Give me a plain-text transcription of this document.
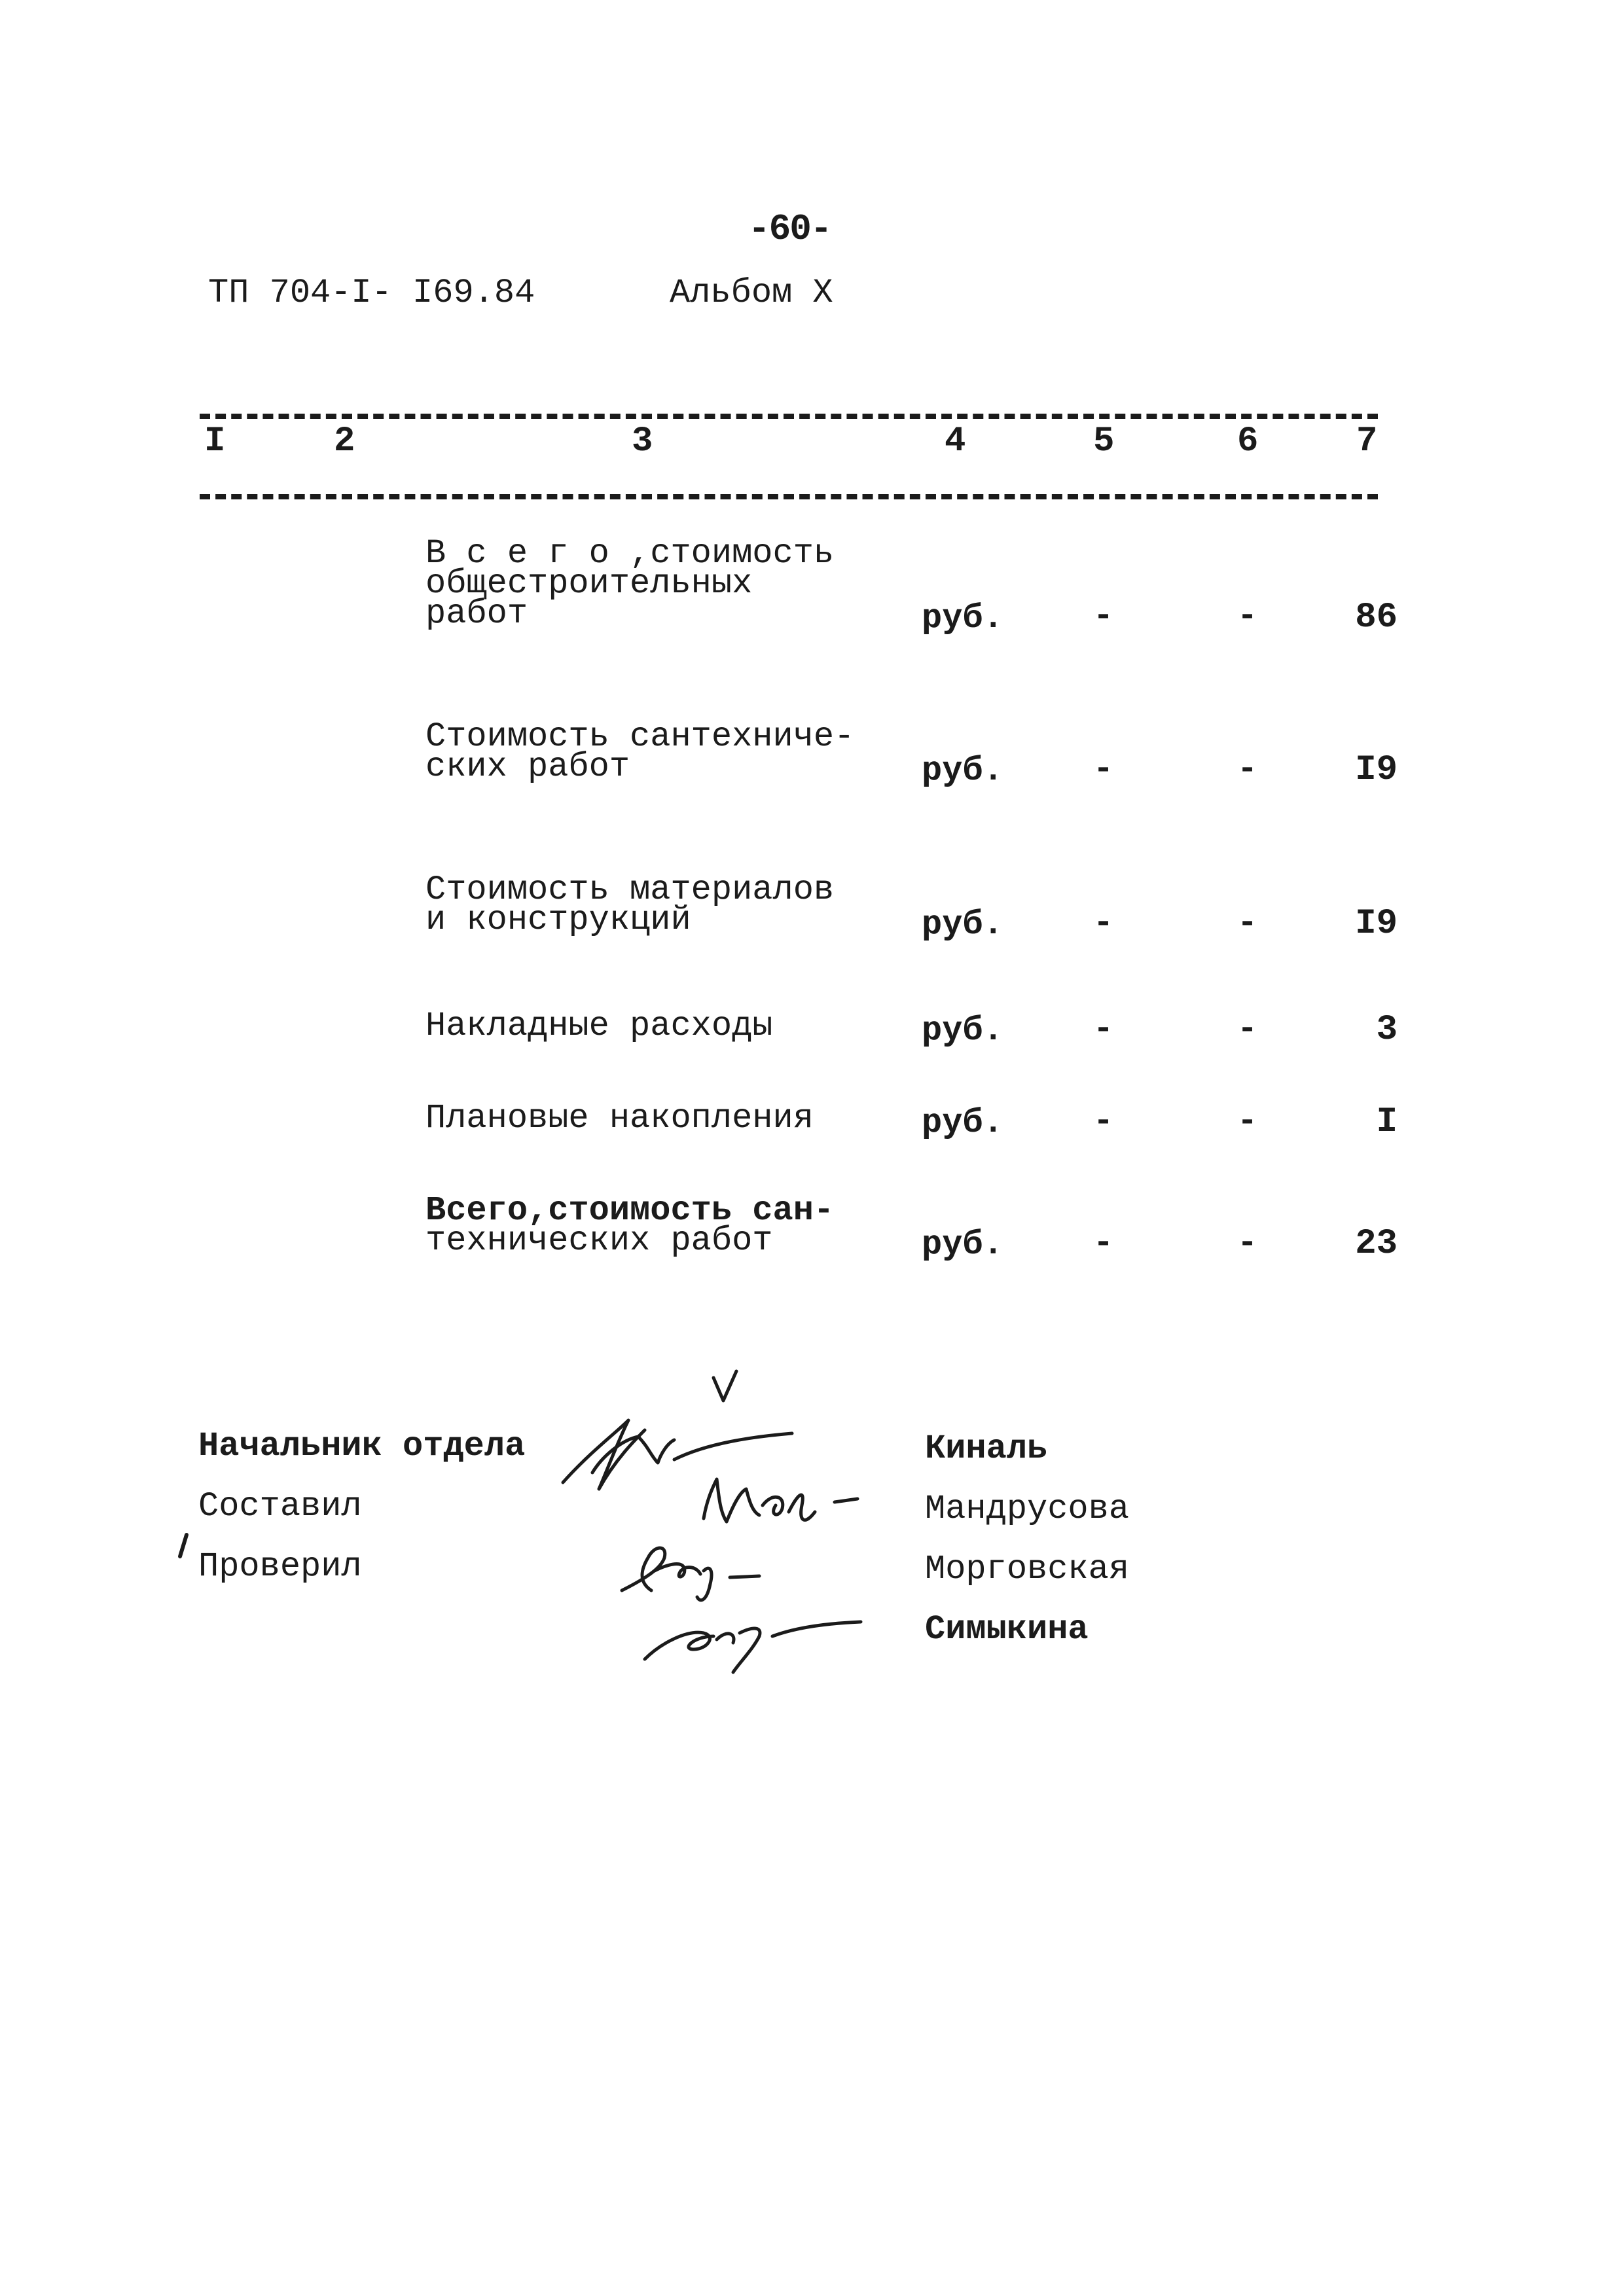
-60-
ТП 704-I- I69.84	Альбом X
I	2	3	4	5	6	7
В с е г о ,стоимость
общестроительных
работ	руб.	-	-	86
Стоимость сантехниче-
ских работ	руб.	-	-	I9
Стоимость материалов
и конструкций	руб.	-	-	I9
Накладные расходы	руб.	-	-	3
Плановые накопления	руб.	-	-	I
Всего,стоимость сан-
технических работ	руб.	-	-	23
Начальник отдела
Составил
Проверил
Киналь
Мандрусова
Морговская
Симыкина
